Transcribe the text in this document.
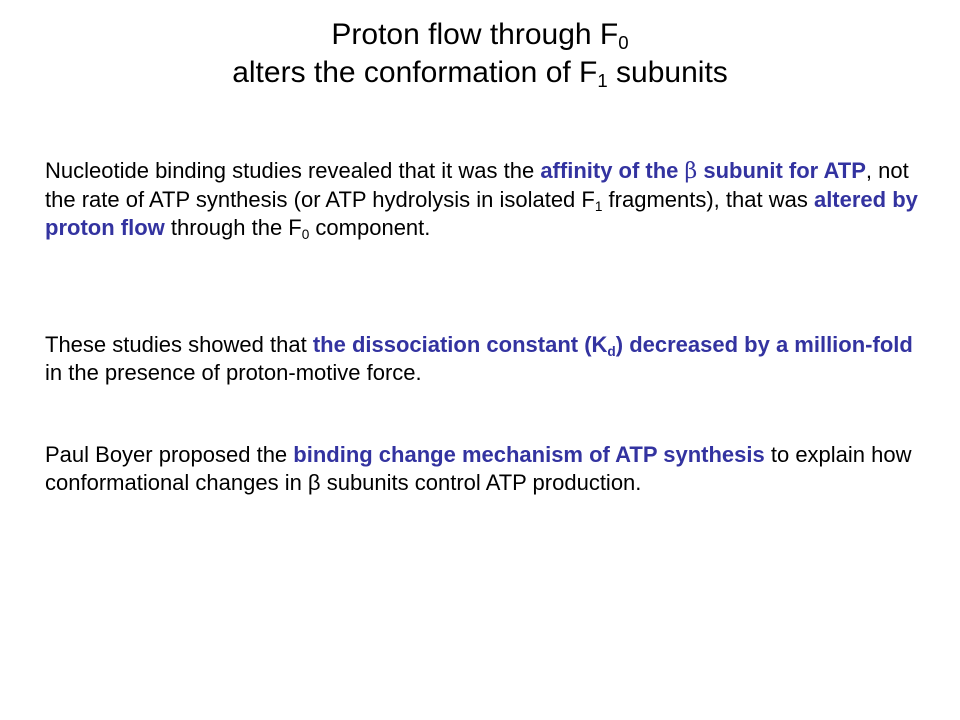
Proton flow through $F_0$
alters the conformation of $F_1$ subunits

Nucleotide binding studies revealed that it was the affinity of the β subunit for ATP, not the rate of ATP synthesis (or ATP hydrolysis in isolated $F_1$ fragments), that was altered by proton flow through the $F_0$ component.

These studies showed that the dissociation constant $(K_d)$ decreased by a million-fold in the presence of proton-motive force.

Paul Boyer proposed the binding change mechanism of ATP synthesis to explain how conformational changes in β subunits control ATP production.
